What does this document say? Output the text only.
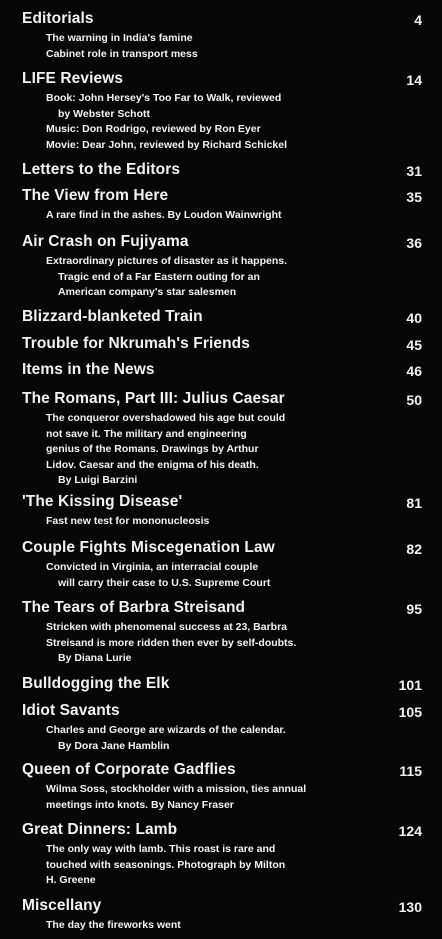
Editorials	4
The warning in India's famine
Cabinet role in transport mess
LIFE Reviews	14
Book: John Hersey's Too Far to Walk, reviewed
by Webster Schott
Music: Don Rodrigo, reviewed by Ron Eyer
Movie: Dear John, reviewed by Richard Schickel
Letters to the Editors	31
The View from Here	35
A rare find in the ashes. By Loudon Wainwright
Air Crash on Fujiyama	36
Extraordinary pictures of disaster as it happens.
Tragic end of a Far Eastern outing for an
American company's star salesmen
Blizzard-blanketed Train	40
Trouble for Nkrumah's Friends	45
Items in the News	46
The Romans, Part III: Julius Caesar	50
The conqueror overshadowed his age but could
not save it. The military and engineering
genius of the Romans. Drawings by Arthur
Lidov. Caesar and the enigma of his death.
By Luigi Barzini
'The Kissing Disease'	81
Fast new test for mononucleosis
Couple Fights Miscegenation Law	82
Convicted in Virginia, an interracial couple
will carry their case to U.S. Supreme Court
The Tears of Barbra Streisand	95
Stricken with phenomenal success at 23, Barbra
Streisand is more ridden then ever by self-doubts.
By Diana Lurie
Bulldogging the Elk	101
Idiot Savants	105
Charles and George are wizards of the calendar.
By Dora Jane Hamblin
Queen of Corporate Gadflies	115
Wilma Soss, stockholder with a mission, ties annual
meetings into knots. By Nancy Fraser
Great Dinners: Lamb	124
The only way with lamb. This roast is rare and
touched with seasonings. Photograph by Milton
H. Greene
Miscellany	130
The day the fireworks went
